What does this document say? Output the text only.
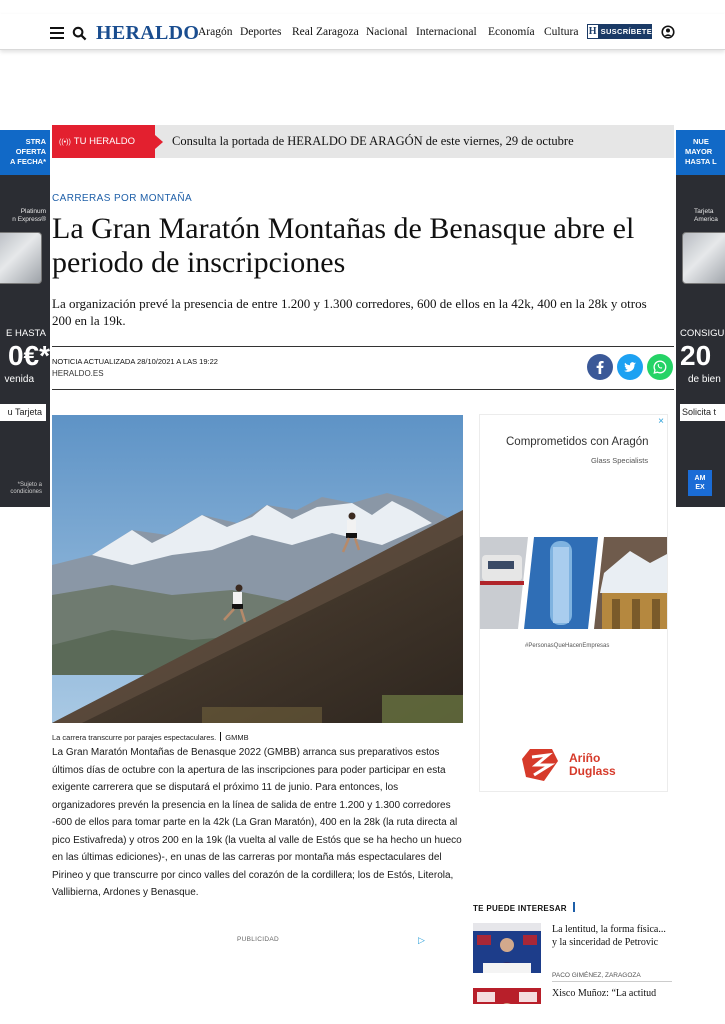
HERALDO
Aragón Deportes Real Zaragoza Nacional Internacional Economía Cultura H SUSCRÍBETE
STRA
OFERTA
A FECHA*
Platinum
n Express®
E HASTA
0€*
venida
u Tarjeta
*Sujeto a
condiciones
NUE
MAYOR
HASTA L
Tarjeta
America
CONSIGU
20
de bien
Solicita t
AM
EX
((•)) TU HERALDO	Consulta la portada de HERALDO DE ARAGÓN de este viernes, 29 de octubre
CARRERAS POR MONTAÑA
La Gran Maratón Montañas de Benasque abre el periodo de inscripciones

La organización prevé la presencia de entre 1.200 y 1.300 corredores, 600 de ellos en la 42k, 400 en la 28k y otros 200 en la 19k.

NOTICIA ACTUALIZADA 28/10/2021 A LAS 19:22
HERALDO.ES
La carrera transcurre por parajes espectaculares. GMMB

La Gran Maratón Montañas de Benasque 2022 (GMBB) arranca sus preparativos estos últimos días de octubre con la apertura de las inscripciones para poder participar en esta exigente carrerera que se disputará el próximo 11 de junio. Para entonces, los organizadores prevén la presencia en la línea de salida de entre 1.200 y 1.300 corredores -600 de ellos para tomar parte en la 42k (La Gran Maratón), 400 en la 28k (la ruta directa al pico Estivafreda) y otros 200 en la 19k (la vuelta al valle de Estós que se ha hecho un hueco en las últimas ediciones)-, en unas de las carreras por montaña más espectaculares del Pirineo y que transcurre por cinco valles del corazón de la cordillera; los de Estós, Literola, Vallibierna, Ardones y Benasque.

PUBLICIDAD	▷
×
Comprometidos con Aragón
Glass Specialists
#PersonasQueHacenEmpresas
Ariño
Duglass
TE PUEDE INTERESAR
La lentitud, la forma física... y la sinceridad de Petrovic
PACO GIMÉNEZ, ZARAGOZA
Xisco Muñoz: “La actitud
